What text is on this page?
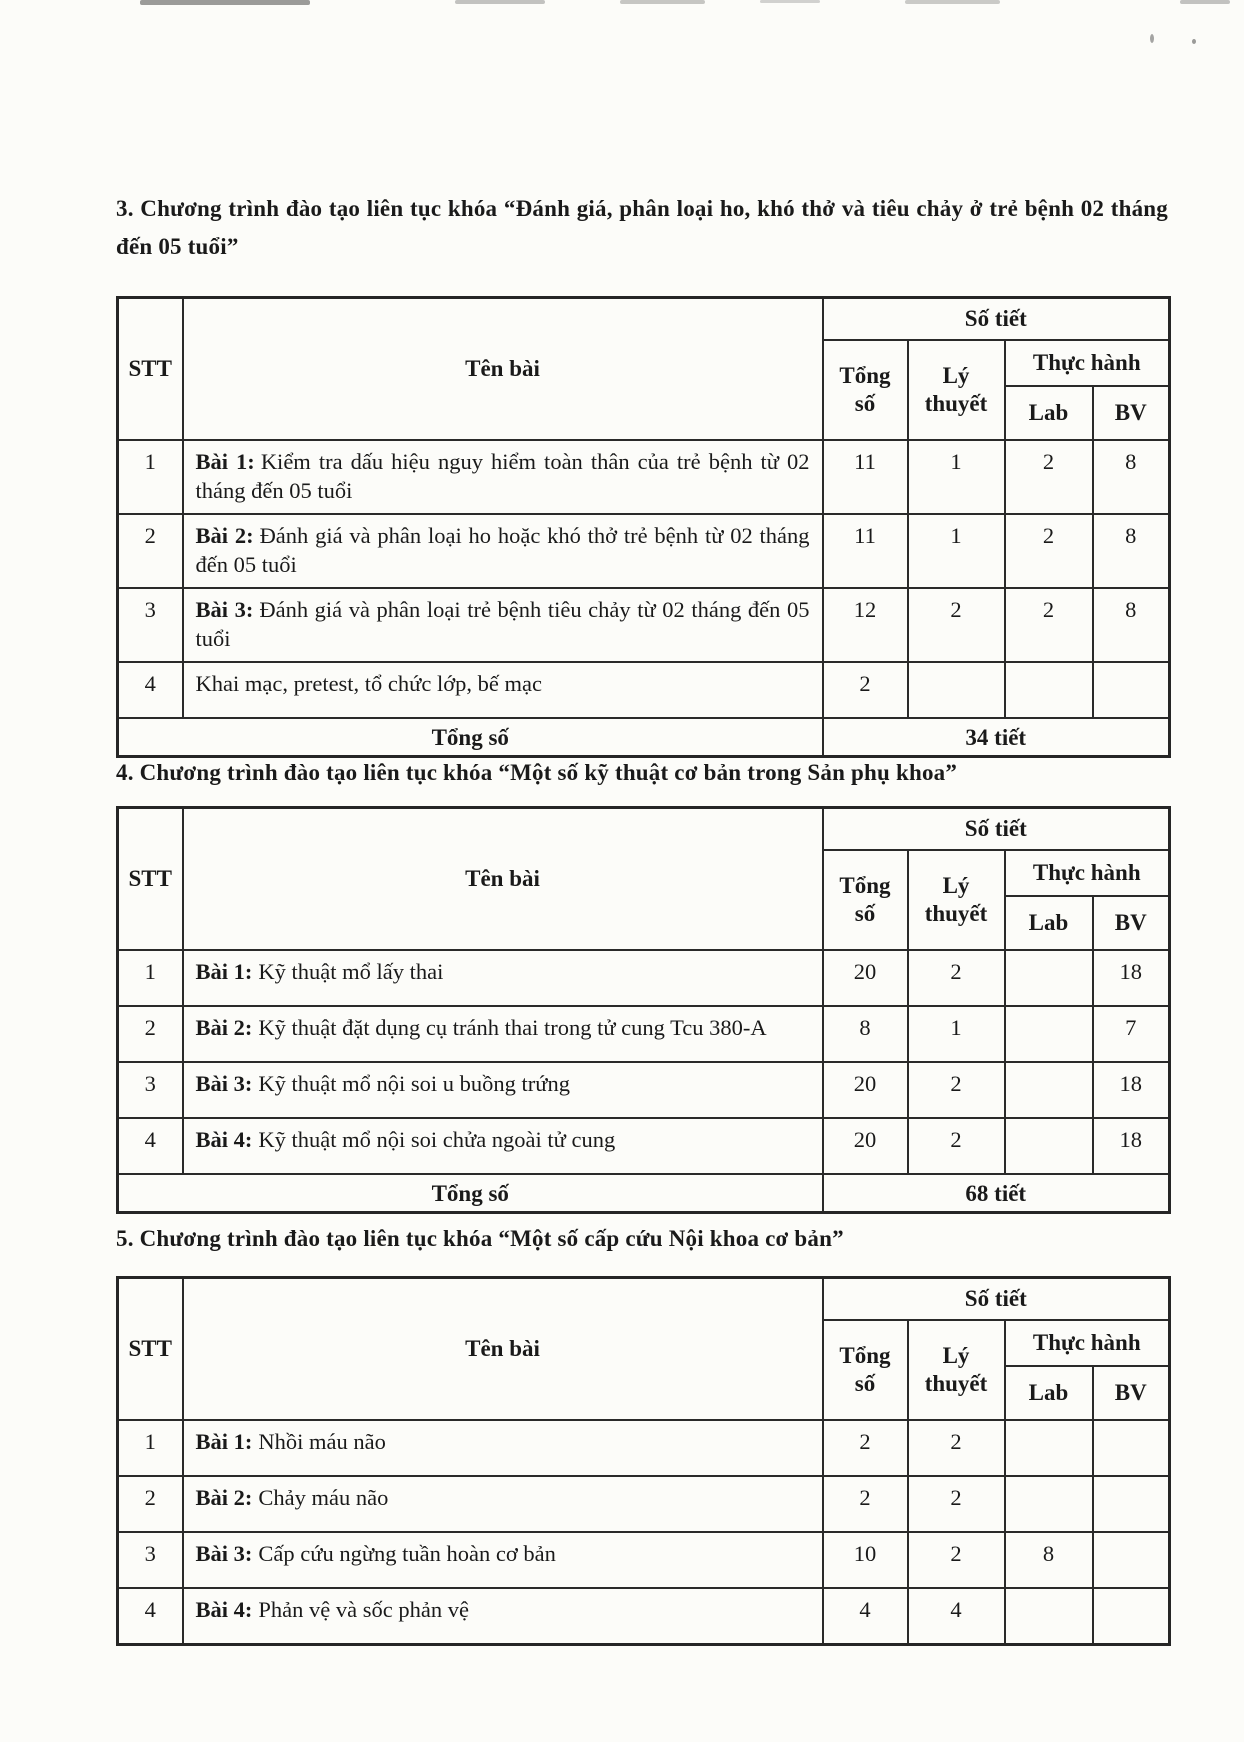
3. Chương trình đào tạo liên tục khóa “Đánh giá, phân loại ho, khó thở và tiêu chảy ở trẻ bệnh 02 tháng đến 05 tuổi”

STT	Tên bài	Số tiết			
		Tổng số	Lý thuyết	Thực hành	
				Lab	BV
1	Bài 1: Kiểm tra dấu hiệu nguy hiểm toàn thân của trẻ bệnh từ 02 tháng đến 05 tuổi	11	1	2	8
2	Bài 2: Đánh giá và phân loại ho hoặc khó thở trẻ bệnh từ 02 tháng đến 05 tuổi	11	1	2	8
3	Bài 3: Đánh giá và phân loại trẻ bệnh tiêu chảy từ 02 tháng đến 05 tuổi	12	2	2	8
4	Khai mạc, pretest, tổ chức lớp, bế mạc	2			
Tổng số		34 tiết			

4. Chương trình đào tạo liên tục khóa “Một số kỹ thuật cơ bản trong Sản phụ khoa”

STT	Tên bài	Số tiết			
		Tổng số	Lý thuyết	Thực hành	
				Lab	BV
1	Bài 1: Kỹ thuật mổ lấy thai	20	2		18
2	Bài 2: Kỹ thuật đặt dụng cụ tránh thai trong tử cung Tcu 380-A	8	1		7
3	Bài 3: Kỹ thuật mổ nội soi u buồng trứng	20	2		18
4	Bài 4: Kỹ thuật mổ nội soi chửa ngoài tử cung	20	2		18
Tổng số		68 tiết			

5. Chương trình đào tạo liên tục khóa “Một số cấp cứu Nội khoa cơ bản”

STT	Tên bài	Số tiết			
		Tổng số	Lý thuyết	Thực hành	
				Lab	BV
1	Bài 1: Nhồi máu não	2	2		
2	Bài 2: Chảy máu não	2	2		
3	Bài 3: Cấp cứu ngừng tuần hoàn cơ bản	10	2	8	
4	Bài 4: Phản vệ và sốc phản vệ	4	4		
